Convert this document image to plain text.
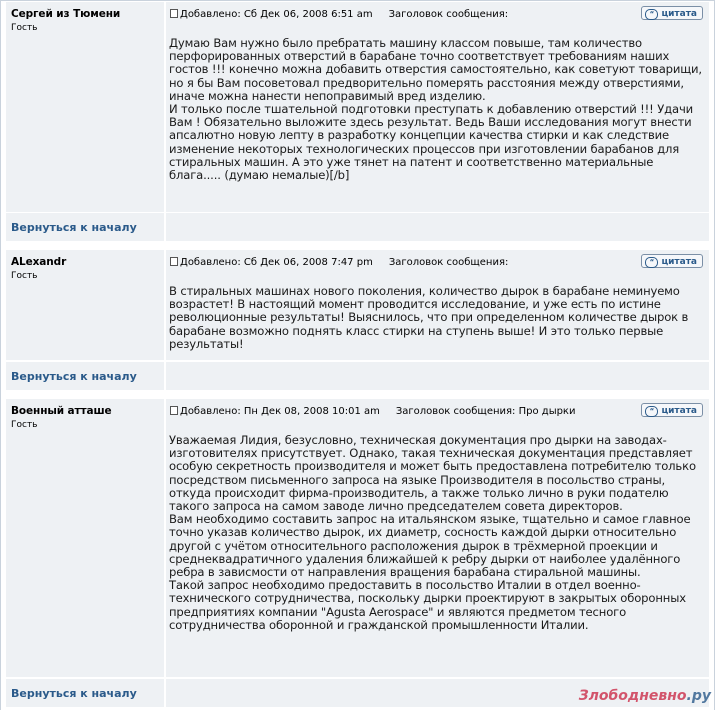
Сергей из Тюмени
Гость
Добавлено: Сб Дек 06, 2008 6:51 am Заголовок сообщения:	“ цитата

Думаю Вам нужно было пребратать машину классом повыше, там количество перфорированных отверстий в барабане точно соответствует требованиям наших гостов !!! конечно можна добавить отверстия самостоятельно, как советуют товарищи, но я бы Вам посоветовал предворительно померять расстояния между отверстиями, иначе можна нанести непоправимый вред изделию.

И только после тшательной подготовки преступать к добавлению отверстий !!! Удачи Вам ! Обязательно выложите здесь результат. Ведь Ваши исследования могут внести апсалютно новую лепту в разработку концепции качества стирки и как следствие изменение некоторых технологических процессов при изготовлении барабанов для стиральных машин. А это уже тянет на патент и соответственно материальные блага..... (думаю немалые)[/b]

Вернуться к началу
ALexandr
Гость
Добавлено: Сб Дек 06, 2008 7:47 pm Заголовок сообщения:	“ цитата

В стиральных машинах нового поколения, количество дырок в барабане неминуемо возрастет! В настоящий момент проводится исследование, и уже есть по истине революционные результаты! Выяснилось, что при определенном количестве дырок в барабане возможно поднять класс стирки на ступень выше! И это только первые результаты!

Вернуться к началу
Военный атташе
Гость
Добавлено: Пн Дек 08, 2008 10:01 am Заголовок сообщения: Про дырки	“ цитата

Уважаемая Лидия, безусловно, техническая документация про дырки на заводах-изготовителях присутствует. Однако, такая техническая документация представляет особую секретность производителя и может быть предоставлена потребителю только посредством письменного запроса на языке Производителя в посольство страны, откуда происходит фирма-производитель, а также только лично в руки подателю такого запроса на самом заводе лично председателем совета директоров.

Вам необходимо составить запрос на итальянском языке, тщательно и самое главное точно указав количество дырок, их диаметр, сосность каждой дырки относительно другой с учётом относительного расположения дырок в трёхмерной проекции и среднеквадратичного удаления ближайшей к ребру дырки от наиболее удалённого ребра в зависмости от направления вращения барабана стиральной машины.

Такой запрос необходимо предоставить в посольство Италии в отдел военно-технического сотрудничества, поскольку дырки проектируют в закрытых оборонных предприятиях компании "Agusta Aerospace" и являются предметом тесного сотрудничества оборонной и гражданской промышленности Италии.

Вернуться к началу	Злободневно.ру
